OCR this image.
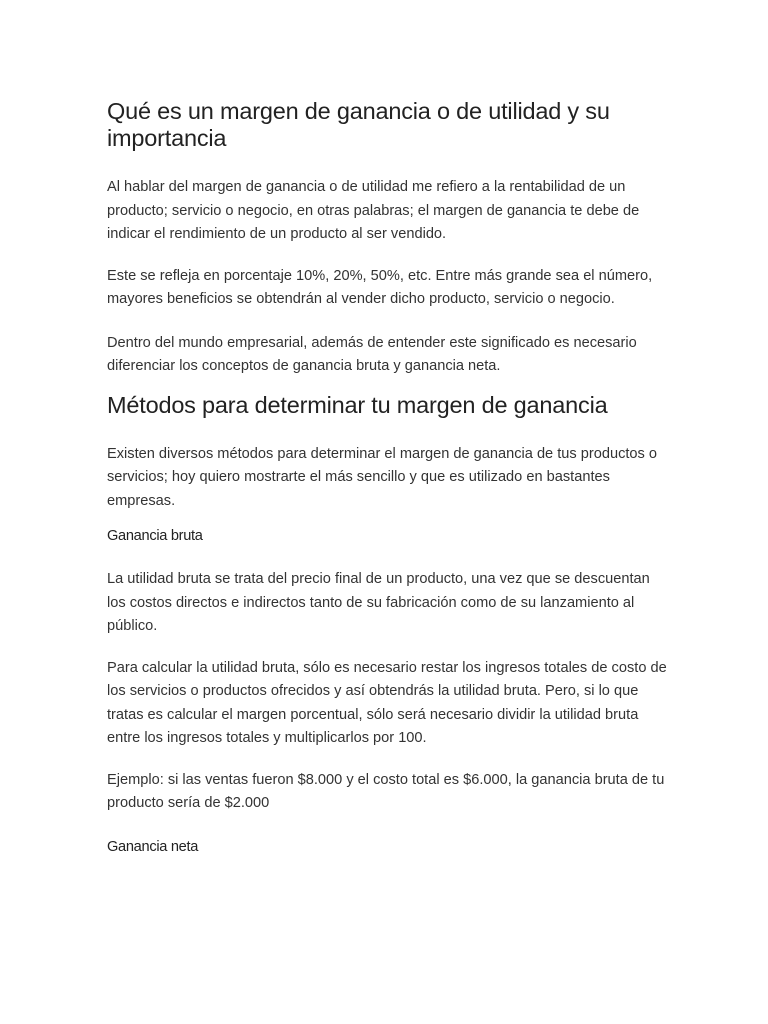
Qué es un margen de ganancia o de utilidad y su importancia

Al hablar del margen de ganancia o de utilidad me refiero a la rentabilidad de un producto; servicio o negocio, en otras palabras; el margen de ganancia te debe de indicar el rendimiento de un producto al ser vendido.

Este se refleja en porcentaje 10%, 20%, 50%, etc. Entre más grande sea el número, mayores beneficios se obtendrán al vender dicho producto, servicio o negocio.

Dentro del mundo empresarial, además de entender este significado es necesario diferenciar los conceptos de ganancia bruta y ganancia neta.

Métodos para determinar tu margen de ganancia

Existen diversos métodos para determinar el margen de ganancia de tus productos o servicios; hoy quiero mostrarte el más sencillo y que es utilizado en bastantes empresas.

Ganancia bruta

La utilidad bruta se trata del precio final de un producto, una vez que se descuentan los costos directos e indirectos tanto de su fabricación como de su lanzamiento al público.

Para calcular la utilidad bruta, sólo es necesario restar los ingresos totales de costo de los servicios o productos ofrecidos y así obtendrás la utilidad bruta. Pero, si lo que tratas es calcular el margen porcentual, sólo será necesario dividir la utilidad bruta entre los ingresos totales y multiplicarlos por 100.

Ejemplo: si las ventas fueron $8.000 y el costo total es $6.000, la ganancia bruta de tu producto sería de $2.000

Ganancia neta
